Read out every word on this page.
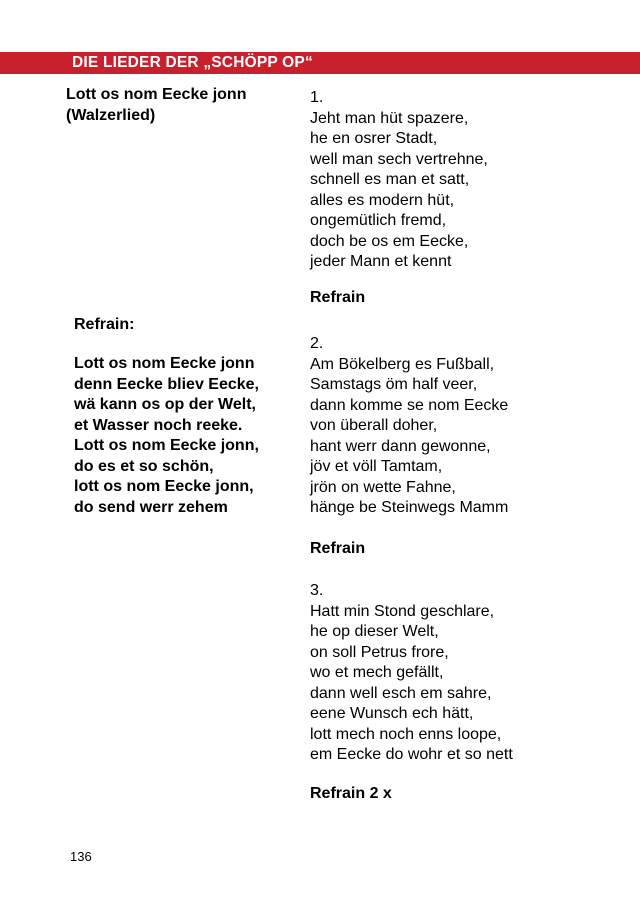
DIE LIEDER DER „SCHÖPP OP“
Lott os nom Eecke jonn
(Walzerlied)
Refrain:
Lott os nom Eecke jonn
denn Eecke bliev Eecke,
wä kann os op der Welt,
et Wasser noch reeke.
Lott os nom Eecke jonn,
do es et so schön,
lott os nom Eecke jonn,
do send werr zehem
1.
Jeht man hüt spazere,
he en osrer Stadt,
well man sech vertrehne,
schnell es man et satt,
alles es modern hüt,
ongemütlich fremd,
doch be os em Eecke,
jeder Mann et kennt
Refrain
2.
Am Bökelberg es Fußball,
Samstags öm half veer,
dann komme se nom Eecke
von überall doher,
hant werr dann gewonne,
jöv et völl Tamtam,
jrön on wette Fahne,
hänge be Steinwegs Mamm
Refrain
3.
Hatt min Stond geschlare,
he op dieser Welt,
on soll Petrus frore,
wo et mech gefällt,
dann well esch em sahre,
eene Wunsch ech hätt,
lott mech noch enns loope,
em Eecke do wohr et so nett
Refrain 2 x
136
